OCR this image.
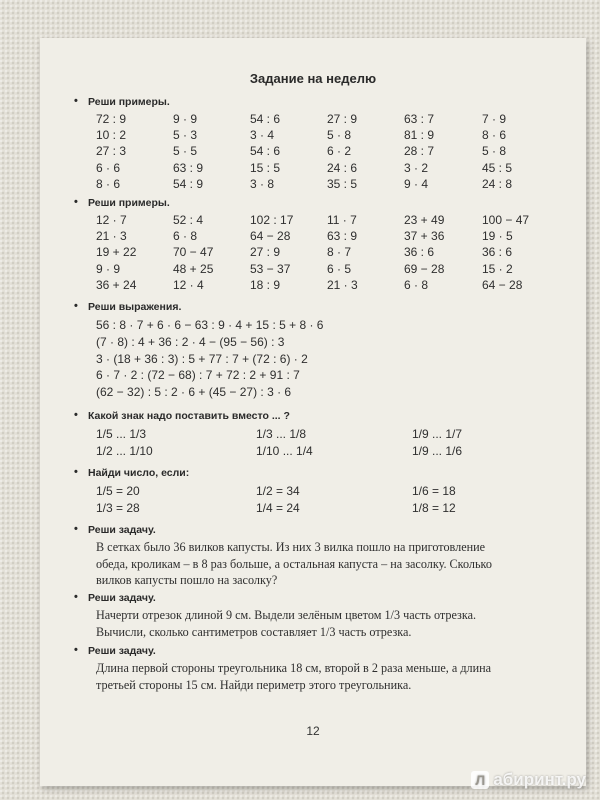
Задание на неделю
• Реши примеры.
72 : 9	9 · 9	54 : 6	27 : 9	63 : 7	7 · 9
10 : 2	5 · 3	3 · 4	5 · 8	81 : 9	8 · 6
27 : 3	5 · 5	54 : 6	6 · 2	28 : 7	5 · 8
6 · 6	63 : 9	15 : 5	24 : 6	3 · 2	45 : 5
8 · 6	54 : 9	3 · 8	35 : 5	9 · 4	24 : 8
• Реши примеры.
12 · 7	52 : 4	102 : 17	11 · 7	23 + 49	100 − 47
21 · 3	6 · 8	64 − 28	63 : 9	37 + 36	19 · 5
19 + 22	70 − 47	27 : 9	8 · 7	36 : 6	36 : 6
9 · 9	48 + 25	53 − 37	6 · 5	69 − 28	15 · 2
36 + 24	12 · 4	18 : 9	21 · 3	6 · 8	64 − 28
• Реши выражения.
56 : 8 · 7 + 6 · 6 − 63 : 9 · 4 + 15 : 5 + 8 · 6
(7 · 8) : 4 + 36 : 2 · 4 − (95 − 56) : 3
3 · (18 + 36 : 3) : 5 + 77 : 7 + (72 : 6) · 2
6 · 7 · 2 : (72 − 68) : 7 + 72 : 2 + 91 : 7
(62 − 32) : 5 : 2 · 6 + (45 − 27) : 3 · 6
• Какой знак надо поставить вместо ... ?
1/5 ... 1/3	1/3 ... 1/8	1/9 ... 1/7
1/2 ... 1/10	1/10 ... 1/4	1/9 ... 1/6
• Найди число, если:
1/5 = 20	1/2 = 34	1/6 = 18
1/3 = 28	1/4 = 24	1/8 = 12
• Реши задачу.
В сетках было 36 вилков капусты. Из них 3 вилка пошло на приготовление обеда, кроликам – в 8 раз больше, а остальная капуста – на засолку. Сколько вилков капусты пошло на засолку?
• Реши задачу.
Начерти отрезок длиной 9 см. Выдели зелёным цветом 1/3 часть отрезка. Вычисли, сколько сантиметров составляет 1/3 часть отрезка.
• Реши задачу.
Длина первой стороны треугольника 18 см, второй в 2 раза меньше, а длина третьей стороны 15 см. Найди периметр этого треугольника.
12
Л абиринт.ру
